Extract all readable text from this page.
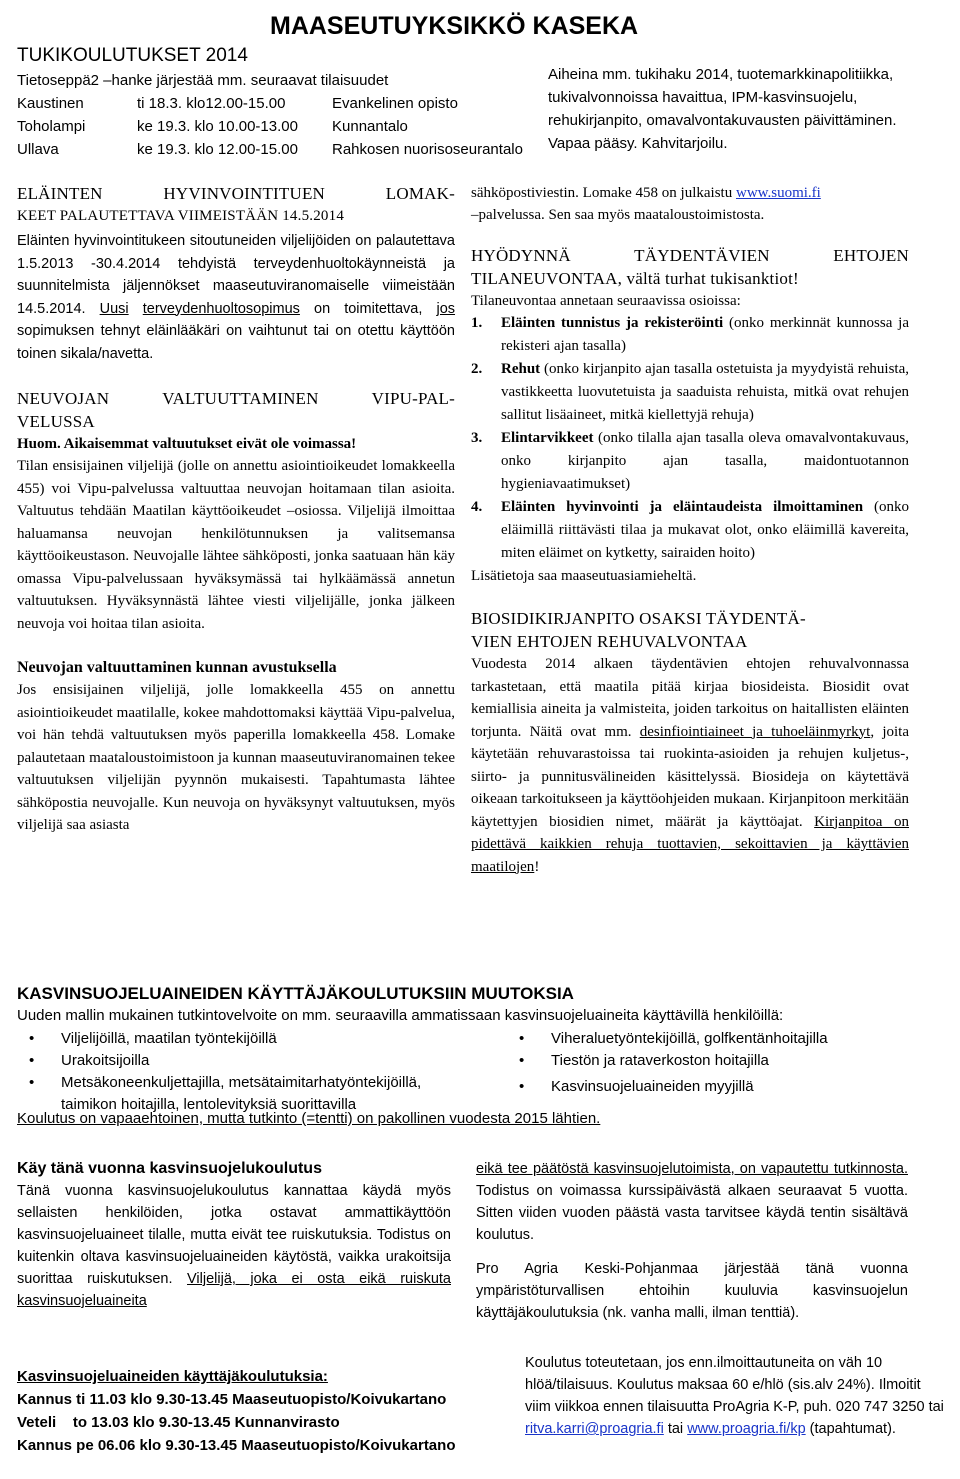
MAASEUTUYKSIKKÖ KASEKA
TUKIKOULUTUKSET 2014
Tietoseppä2 –hanke järjestää mm. seuraavat tilaisuudet
Kaustinen	ti 18.3. klo12.00-15.00	Evankelinen opisto
Toholampi	ke 19.3. klo 10.00-13.00 Kunnantalo
Ullava	ke 19.3. klo 12.00-15.00 Rahkosen nuorisoseurantalo
Aiheina mm. tukihaku 2014, tuotemarkkinapolitiikka,
tukivalvonnoissa havaittua, IPM-kasvinsuojelu,
rehukirjanpito, omavalvontakuvausten päivittäminen.
Vapaa pääsy. Kahvitarjoilu.
ELÄINTEN HYVINVOINTITUEN LOMAK-
KEET PALAUTETTAVA VIIMEISTÄÄN 14.5.2014
Eläinten hyvinvointitukeen sitoutuneiden viljelijöiden on palautettava 1.5.2013 -30.4.2014 tehdyistä terveydenhuoltokäynneistä ja suunnitelmista jäljennökset maaseutuviranomaiselle viimeistään 14.5.2014. Uusi terveydenhuoltosopimus on toimitettava, jos sopimuksen tehnyt eläinlääkäri on vaihtunut tai on otettu käyttöön toinen sikala/navetta.
NEUVOJAN VALTUUTTAMINEN VIPU-PAL-
VELUSSA
Huom. Aikaisemmat valtuutukset eivät ole voimassa!
Tilan ensisijainen viljelijä (jolle on annettu asiointioikeudet lomakkeella 455) voi Vipu-palvelussa valtuuttaa neuvojan hoitamaan tilan asioita. Valtuutus tehdään Maatilan käyttöoikeudet –osiossa. Viljelijä ilmoittaa haluamansa neuvojan henkilötunnuksen ja valitsemansa käyttöoikeustason. Neuvojalle lähtee sähköposti, jonka saatuaan hän käy omassa Vipu-palvelussaan hyväksymässä tai hylkäämässä annetun valtuutuksen. Hyväksynnästä lähtee viesti viljelijälle, jonka jälkeen neuvoja voi hoitaa tilan asioita.
Neuvojan valtuuttaminen kunnan avustuksella
Jos ensisijainen viljelijä, jolle lomakkeella 455 on annettu asiointioikeudet maatilalle, kokee mahdottomaksi käyttää Vipu-palvelua, voi hän tehdä valtuutuksen myös paperilla lomakkeella 458. Lomake palautetaan maataloustoimistoon ja kunnan maaseutuviranomainen tekee valtuutuksen viljelijän pyynnön mukaisesti. Tapahtumasta lähtee sähköpostia neuvojalle. Kun neuvoja on hyväksynyt valtuutuksen, myös viljelijä saa asiasta
sähköpostiviestin. Lomake 458 on julkaistu www.suomi.fi
–palvelussa. Sen saa myös maataloustoimistosta.
HYÖDYNNÄ TÄYDENTÄVIEN EHTOJEN
TILANEUVONTAA, vältä turhat tukisanktiot!
Tilaneuvontaa annetaan seuraavissa osioissa:
1. Eläinten tunnistus ja rekisteröinti (onko merkinnät kunnossa ja rekisteri ajan tasalla)
2. Rehut (onko kirjanpito ajan tasalla ostetuista ja myydyistä rehuista, vastikkeetta luovutetuista ja saaduista rehuista, mitkä ovat rehujen sallitut lisäaineet, mitkä kiellettyjä rehuja)
3. Elintarvikkeet (onko tilalla ajan tasalla oleva omavalvontakuvaus, onko kirjanpito ajan tasalla, maidontuotannon hygieniavaatimukset)
4. Eläinten hyvinvointi ja eläintaudeista ilmoittaminen (onko eläimillä riittävästi tilaa ja mukavat olot, onko eläimillä kavereita, miten eläimet on kytketty, sairaiden hoito)
Lisätietoja saa maaseutuasiamieheltä.
BIOSIDIKIRJANPITO OSAKSI TÄYDENTÄ-
VIEN EHTOJEN REHUVALVONTAA
Vuodesta 2014 alkaen täydentävien ehtojen rehuvalvonnassa tarkastetaan, että maatila pitää kirjaa biosideista. Biosidit ovat kemiallisia aineita ja valmisteita, joiden tarkoitus on haitallisten eläinten torjunta. Näitä ovat mm. desinfiointiaineet ja tuhoeläinmyrkyt, joita käytetään rehuvarastoissa tai ruokinta-asioiden ja rehujen kuljetus-, siirto- ja punnitusvälineiden käsittelyssä. Biosideja on käytettävä oikeaan tarkoitukseen ja käyttöohjeiden mukaan. Kirjanpitoon merkitään käytettyjen biosidien nimet, määrät ja käyttöajat. Kirjanpitoa on pidettävä kaikkien rehuja tuottavien, sekoittavien ja käyttävien maatilojen!
KASVINSUOJELUAINEIDEN KÄYTTÄJÄKOULUTUKSIIN MUUTOKSIA
Uuden mallin mukainen tutkintovelvoite on mm. seuraavilla ammatissaan kasvinsuojeluaineita käyttävillä henkilöillä:
• Viljelijöillä, maatilan työntekijöillä
• Urakoitsijoilla
• Metsäkoneenkuljettajilla, metsätaimitarhatyöntekijöillä, taimikon hoitajilla, lentolevityksiä suorittavilla
• Viheraluetyöntekijöillä, golfkentänhoitajilla
• Tiestön ja rataverkoston hoitajilla
• Kasvinsuojeluaineiden myyjillä
Koulutus on vapaaehtoinen, mutta tutkinto (=tentti) on pakollinen vuodesta 2015 lähtien.
Käy tänä vuonna kasvinsuojelukoulutus
Tänä vuonna kasvinsuojelukoulutus kannattaa käydä myös sellaisten henkilöiden, jotka ostavat ammattikäyttöön kasvinsuojeluaineet tilalle, mutta eivät tee ruiskutuksia. Todistus on kuitenkin oltava kasvinsuojeluaineiden käytöstä, vaikka urakoitsija suorittaa ruiskutuksen. Viljelijä, joka ei osta eikä ruiskuta kasvinsuojeluaineita
eikä tee päätöstä kasvinsuojelutoimista, on vapautettu tutkinnosta. Todistus on voimassa kurssipäivästä alkaen seuraavat 5 vuotta. Sitten viiden vuoden päästä vasta tarvitsee käydä tentin sisältävä koulutus.
Pro Agria Keski-Pohjanmaa järjestää tänä vuonna ympäristöturvallisen ehtoihin kuuluvia kasvinsuojelun käyttäjäkoulutuksia (nk. vanha malli, ilman tenttiä).
Kasvinsuojeluaineiden käyttäjäkoulutuksia:
Kannus ti 11.03 klo 9.30-13.45 Maaseutuopisto/Koivukartano
Veteli    to 13.03 klo 9.30-13.45 Kunnanvirasto
Kannus pe 06.06 klo 9.30-13.45 Maaseutuopisto/Koivukartano
Koulutus toteutetaan, jos enn.ilmoittautuneita on väh 10 hlöä/tilaisuus. Koulutus maksaa 60 e/hlö (sis.alv 24%). Ilmoitit viim viikkoa ennen tilaisuutta ProAgria K-P, puh. 020 747 3250 tai ritva.karri@proagria.fi tai www.proagria.fi/kp (tapahtumat).
